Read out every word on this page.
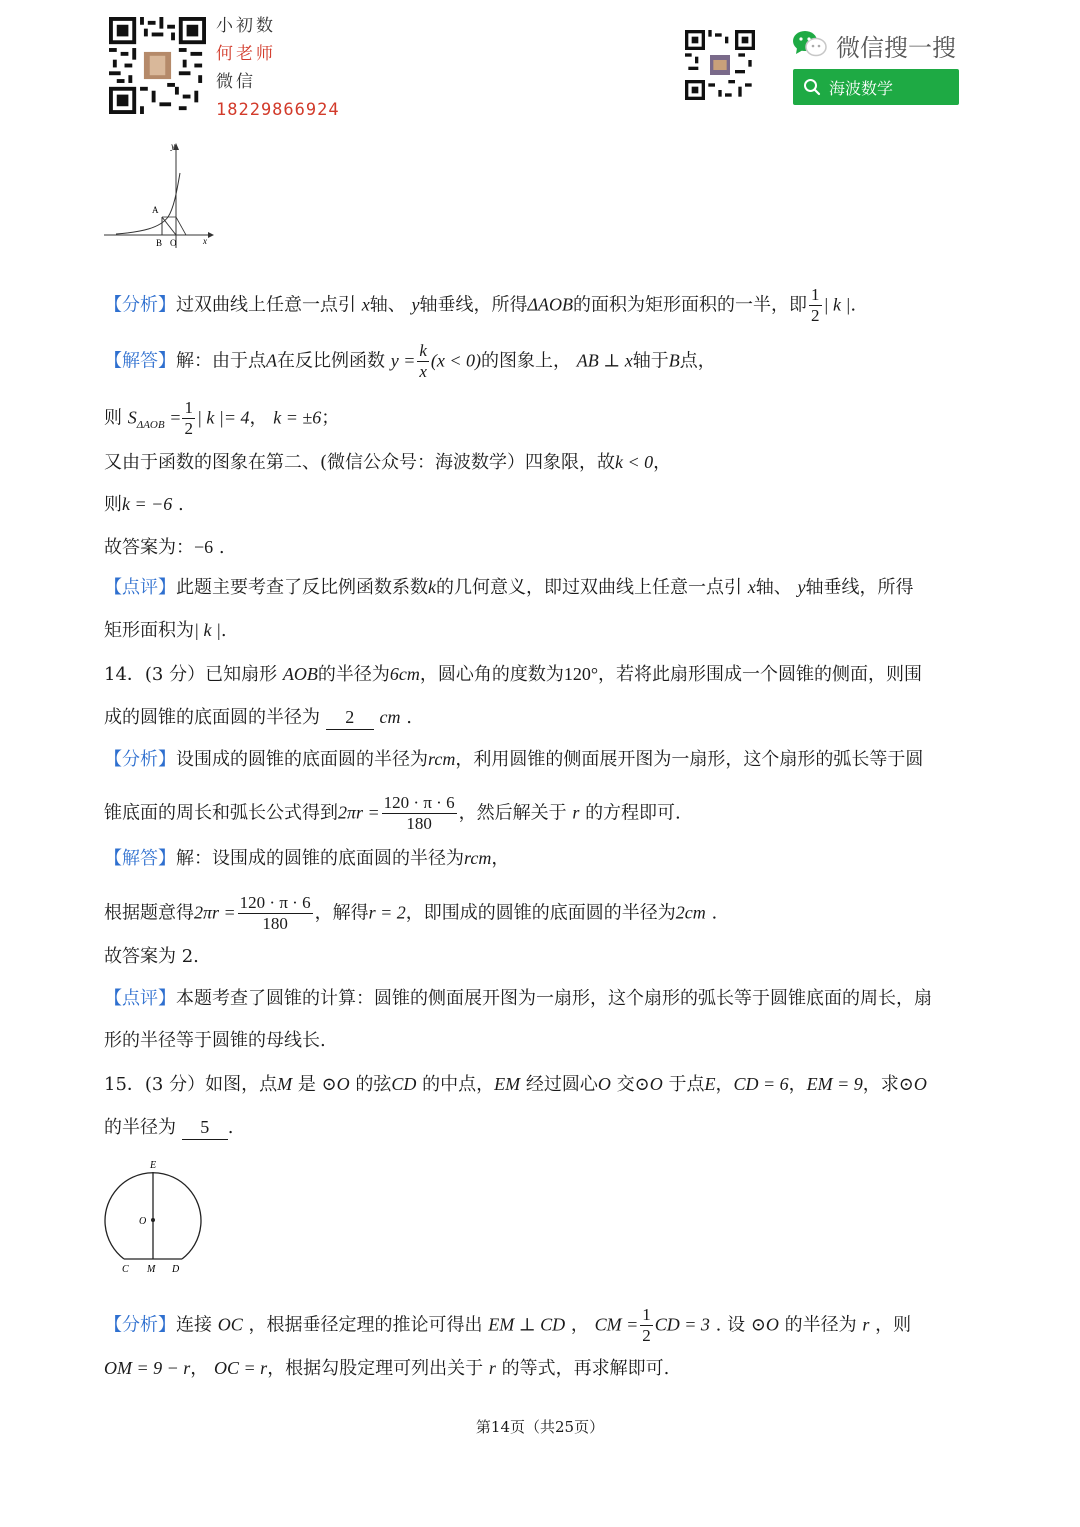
小初数
何老师
微信
18229866924
微信搜一搜
海波数学
y
x
A
B O
【分析】过双曲线上任意一点引 x轴、 y轴垂线，所得ΔAOB的面积为矩形面积的一半，即 $\frac{1}{2}$ | k |.
【解答】解：由于点A在反比例函数 $y = \frac{k}{x} (x < 0)$的图象上， AB ⊥ x轴于B点，
则 $S_{\Delta AOB} = \frac{1}{2}$ | k |= 4， k = ±6；
又由于函数的图象在第二、(微信公众号：海波数学）四象限，故k < 0，
则k = −6 .
故答案为：−6 .
【点评】此题主要考查了反比例函数系数k的几何意义，即过双曲线上任意一点引 x轴、 y轴垂线，所得
矩形面积为| k |.
14．(3 分）已知扇形 AOB的半径为6cm，圆心角的度数为120°，若将此扇形围成一个圆锥的侧面，则围
成的圆锥的底面圆的半径为 2 cm .
【分析】设围成的圆锥的底面圆的半径为rcm，利用圆锥的侧面展开图为一扇形，这个扇形的弧长等于圆
锥底面的周长和弧长公式得到$2\pi r = \frac{120 \cdot \pi \cdot 6}{180}$ ，然后解关于 r 的方程即可.
【解答】解：设围成的圆锥的底面圆的半径为rcm，
根据题意得$2\pi r = \frac{120 \cdot \pi \cdot 6}{180}$ ，解得r = 2，即围成的圆锥的底面圆的半径为2cm .
故答案为 2.
【点评】本题考查了圆锥的计算：圆锥的侧面展开图为一扇形，这个扇形的弧长等于圆锥底面的周长，扇
形的半径等于圆锥的母线长.
15．(3 分）如图，点M 是 ⊙O 的弦CD 的中点，EM 经过圆心O 交⊙O 于点E，CD = 6，EM = 9，求⊙O
的半径为 5 .
E
O
C M D
【分析】连接 OC ，根据垂径定理的推论可得出 EM ⊥ CD ， CM = $\frac{1}{2}$ CD = 3 . 设 ⊙O 的半径为 r ，则
OM = 9 − r， OC = r，根据勾股定理可列出关于 r 的等式，再求解即可.
第14页（共25页）
